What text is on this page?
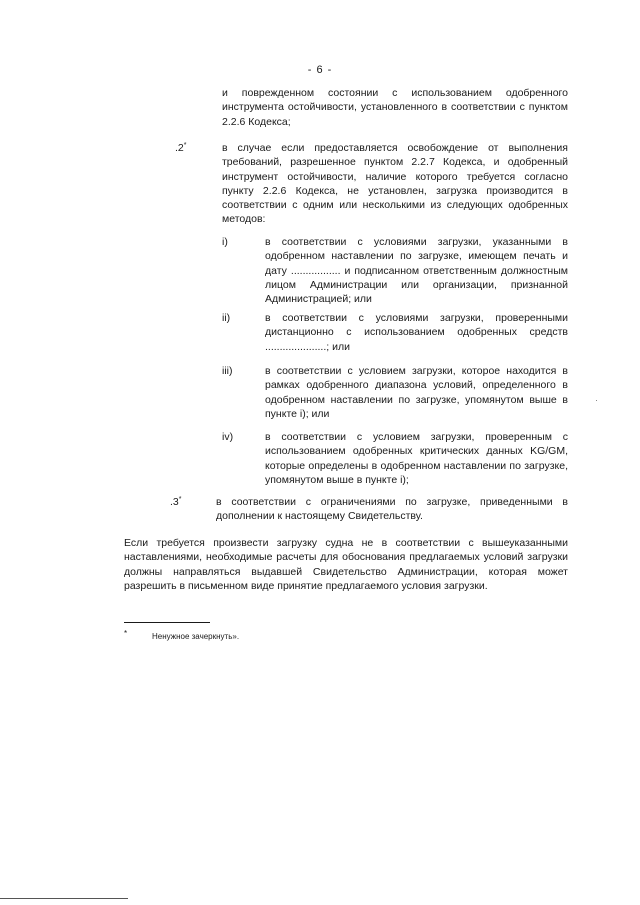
- 6 -
и поврежденном состоянии с использованием одобренного инструмента остойчивости, установленного в соответствии с пунктом 2.2.6 Кодекса;
.2*	в случае если предоставляется освобождение от выполнения требований, разрешенное пунктом 2.2.7 Кодекса, и одобренный инструмент остойчивости, наличие которого требуется согласно пункту 2.2.6 Кодекса, не установлен, загрузка производится в соответствии с одним или несколькими из следующих одобренных методов:
i)	в соответствии с условиями загрузки, указанными в одобренном наставлении по загрузке, имеющем печать и дату ................. и подписанном ответственным должностным лицом Администрации или организации, признанной Администрацией; или
ii)	в соответствии с условиями загрузки, проверенными дистанционно с использованием одобренных средств .....................; или
iii)	в соответствии с условием загрузки, которое находится в рамках одобренного диапазона условий, определенного в одобренном наставлении по загрузке, упомянутом выше в пункте i); или
iv)	в соответствии с условием загрузки, проверенным с использованием одобренных критических данных KG/GM, которые определены в одобренном наставлении по загрузке, упомянутом выше в пункте i);
.3*	в соответствии с ограничениями по загрузке, приведенными в дополнении к настоящему Свидетельству.
Если требуется произвести загрузку судна не в соответствии с вышеуказанными наставлениями, необходимые расчеты для обоснования предлагаемых условий загрузки должны направляться выдавшей Свидетельство Администрации, которая может разрешить в письменном виде принятие предлагаемого условия загрузки.
*	Ненужное зачеркнуть».
